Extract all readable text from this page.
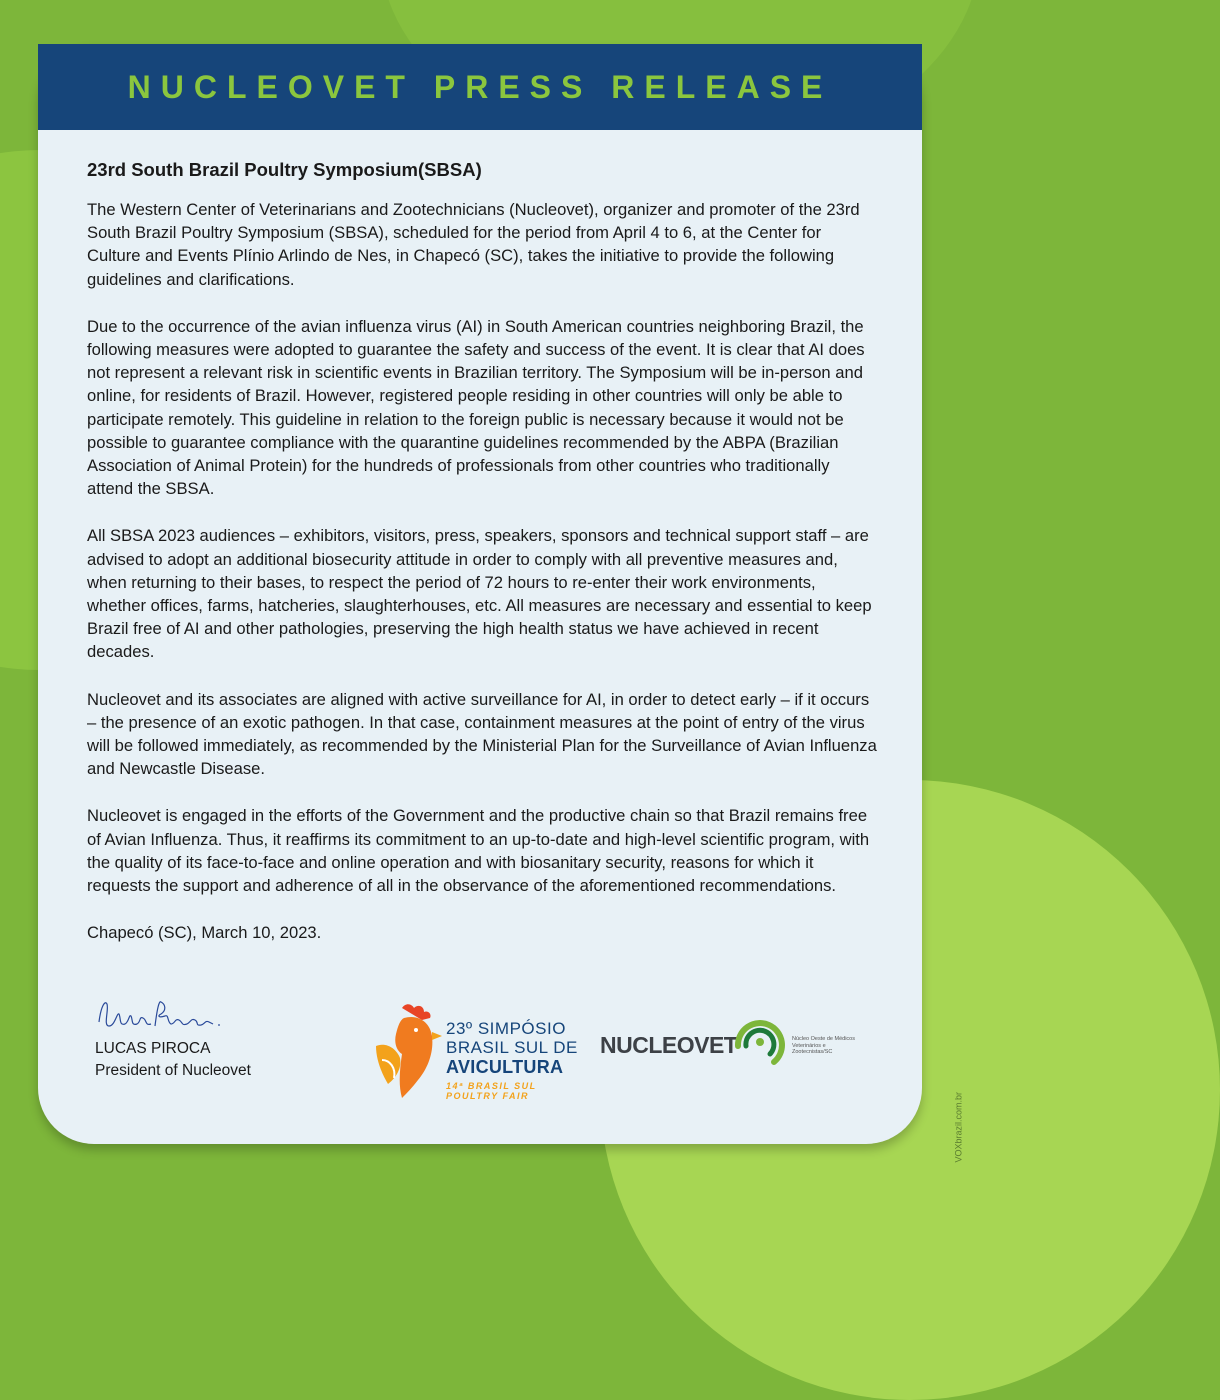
NUCLEOVET PRESS RELEASE
23rd South Brazil Poultry Symposium(SBSA)

The Western Center of Veterinarians and Zootechnicians (Nucleovet), organizer and promoter of the 23rd South Brazil Poultry Symposium (SBSA), scheduled for the period from April 4 to 6, at the Center for Culture and Events Plínio Arlindo de Nes, in Chapecó (SC), takes the initiative to provide the following guidelines and clarifications.

Due to the occurrence of the avian influenza virus (AI) in South American countries neighboring Brazil, the following measures were adopted to guarantee the safety and success of the event. It is clear that AI does not represent a relevant risk in scientific events in Brazilian territory. The Symposium will be in-person and online, for residents of Brazil. However, registered people residing in other countries will only be able to participate remotely. This guideline in relation to the foreign public is necessary because it would not be possible to guarantee compliance with the quarantine guidelines recommended by the ABPA (Brazilian Association of Animal Protein) for the hundreds of professionals from other countries who traditionally attend the SBSA.

All SBSA 2023 audiences – exhibitors, visitors, press, speakers, sponsors and technical support staff – are advised to adopt an additional biosecurity attitude in order to comply with all preventive measures and, when returning to their bases, to respect the period of 72 hours to re-enter their work environments, whether offices, farms, hatcheries, slaughterhouses, etc. All measures are necessary and essential to keep Brazil free of AI and other pathologies, preserving the high health status we have achieved in recent decades.

Nucleovet and its associates are aligned with active surveillance for AI, in order to detect early – if it occurs – the presence of an exotic pathogen. In that case, containment measures at the point of entry of the virus will be followed immediately, as recommended by the Ministerial Plan for the Surveillance of Avian Influenza and Newcastle Disease.

Nucleovet is engaged in the efforts of the Government and the productive chain so that Brazil remains free of Avian Influenza. Thus, it reaffirms its commitment to an up-to-date and high-level scientific program, with the quality of its face-to-face and online operation and with biosanitary security, reasons for which it requests the support and adherence of all in the observance of the aforementioned recommendations.

Chapecó (SC), March 10, 2023.

LUCAS PIROCA
President of Nucleovet
23º SIMPÓSIO
BRASIL SUL DE
AVICULTURA
14ª BRASIL SUL
POULTRY FAIR
NUCLEOVET	Núcleo Oeste de Médicos Veterinários e Zootecnistas/SC
VOXbrazil.com.br
